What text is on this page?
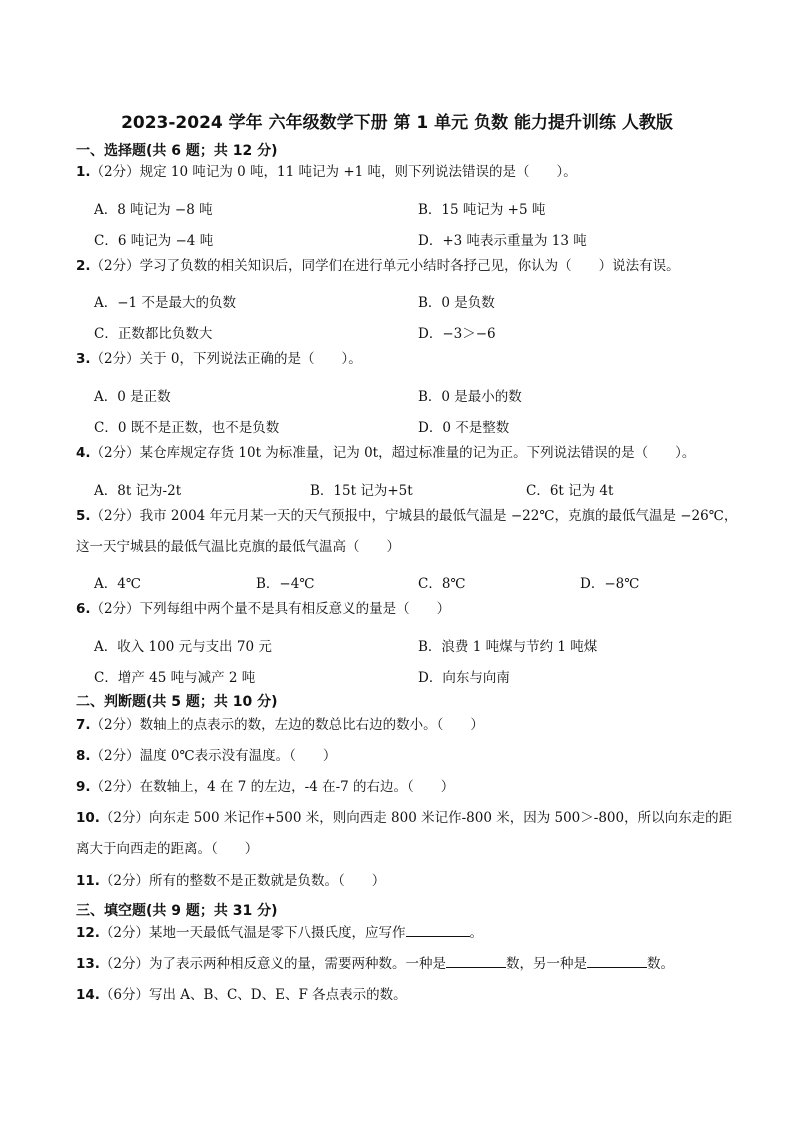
2023-2024 学年 六年级数学下册 第 1 单元 负数 能力提升训练 人教版
一、选择题(共 6 题；共 12 分)
1.（2分）规定 10 吨记为 0 吨，11 吨记为 +1 吨，则下列说法错误的是（　　）。
A．8 吨记为 −8 吨	B．15 吨记为 +5 吨
C．6 吨记为 −4 吨	D．+3 吨表示重量为 13 吨
2.（2分）学习了负数的相关知识后，同学们在进行单元小结时各抒己见，你认为（　　）说法有误。
A．−1 不是最大的负数	B．0 是负数
C．正数都比负数大	D．−3＞−6
3.（2分）关于 0，下列说法正确的是（　　）。
A．0 是正数	B．0 是最小的数
C．0 既不是正数，也不是负数	D．0 不是整数
4.（2分）某仓库规定存货 10t 为标准量，记为 0t，超过标准量的记为正。下列说法错误的是（　　）。
A．8t 记为-2t	B．15t 记为+5t	C．6t 记为 4t
5.（2分）我市 2004 年元月某一天的天气预报中，宁城县的最低气温是 −22℃，克旗的最低气温是 −26℃，这一天宁城县的最低气温比克旗的最低气温高（　　）
A．4℃	B．−4℃	C．8℃	D．−8℃
6.（2分）下列每组中两个量不是具有相反意义的量是（　　）
A．收入 100 元与支出 70 元	B．浪费 1 吨煤与节约 1 吨煤
C．增产 45 吨与减产 2 吨	D．向东与向南
二、判断题(共 5 题；共 10 分)
7.（2分）数轴上的点表示的数，左边的数总比右边的数小。（　　）
8.（2分）温度 0℃表示没有温度。（　　）
9.（2分）在数轴上，4 在 7 的左边，-4 在-7 的右边。（　　）
10.（2分）向东走 500 米记作+500 米，则向西走 800 米记作-800 米，因为 500＞-800，所以向东走的距离大于向西走的距离。（　　）
11.（2分）所有的整数不是正数就是负数。（　　）
三、填空题(共 9 题；共 31 分)
12.（2分）某地一天最低气温是零下八摄氏度，应写作	。
13.（2分）为了表示两种相反意义的量，需要两种数。一种是	数，另一种是	数。
14.（6分）写出 A、B、C、D、E、F 各点表示的数。
